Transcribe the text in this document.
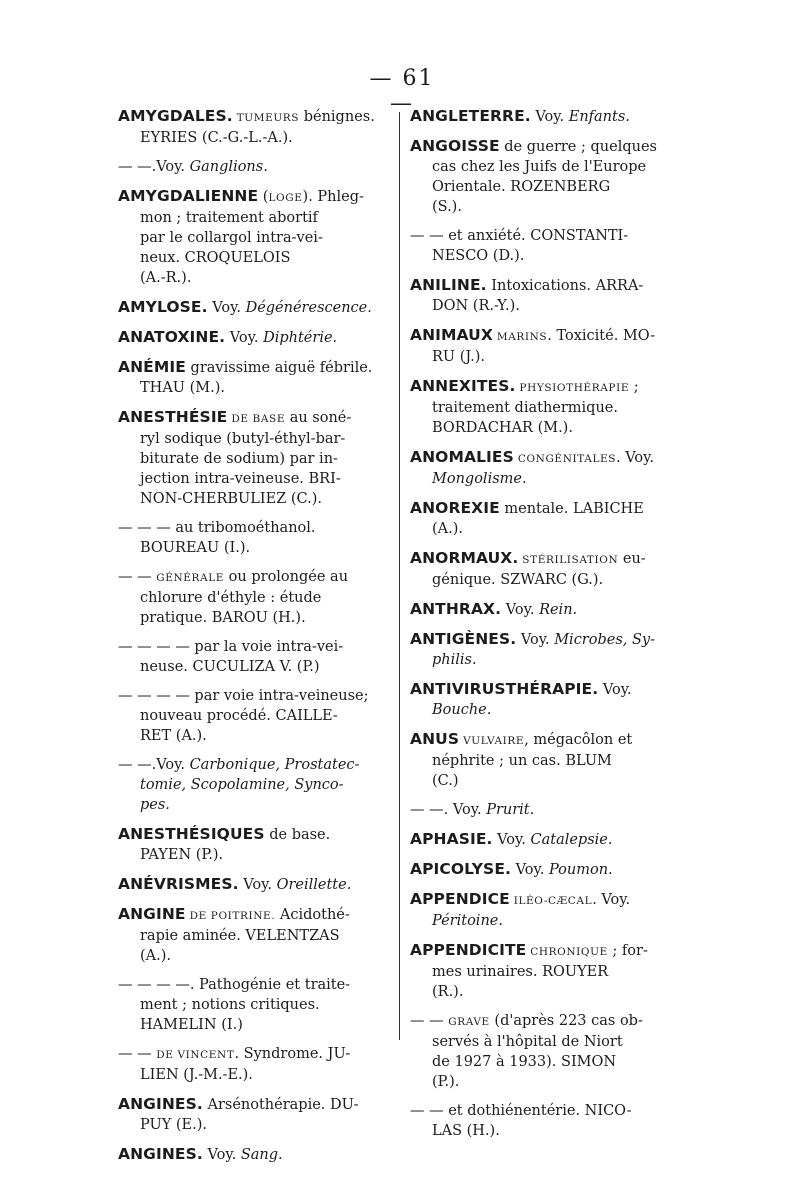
— 61 —
AMYGDALES. TUMEURS bénignes.
EYRIES (C.-G.-L.-A.).
— —.Voy. Ganglions.
AMYGDALIENNE (LOGE). Phleg-
mon ; traitement abortif
par le collargol intra-vei-
neux. CROQUELOIS
(A.-R.).
AMYLOSE. Voy. Dégénérescence.
ANATOXINE. Voy. Diphtérie.
ANÉMIE gravissime aiguë fébrile.
THAU (M.).
ANESTHÉSIE DE BASE au soné-
ryl sodique (butyl-éthyl-bar-
biturate de sodium) par in-
jection intra-veineuse. BRI-
NON-CHERBULIEZ (C.).
— — — au tribomoéthanol.
BOUREAU (I.).
— — GÉNÉRALE ou prolongée au
chlorure d'éthyle : étude
pratique. BAROU (H.).
— — — — par la voie intra-vei-
neuse. CUCULIZA V. (P.)
— — — — par voie intra-veineuse;
nouveau procédé. CAILLE-
RET (A.).
— —.Voy. Carbonique, Prostatec-
tomie, Scopolamine, Synco-
pes.
ANESTHÉSIQUES de base.
PAYEN (P.).
ANÉVRISMES. Voy. Oreillette.
ANGINE DE POITRINE. Acidothé-
rapie aminée. VELENTZAS
(A.).
— — — —. Pathogénie et traite-
ment ; notions critiques.
HAMELIN (I.)
— — DE VINCENT. Syndrome. JU-
LIEN (J.-M.-E.).
ANGINES. Arsénothérapie. DU-
PUY (E.).
ANGINES. Voy. Sang.
ANGLETERRE. Voy. Enfants.
ANGOISSE de guerre ; quelques
cas chez les Juifs de l'Europe
Orientale. ROZENBERG
(S.).
— — et anxiété. CONSTANTI-
NESCO (D.).
ANILINE. Intoxications. ARRA-
DON (R.-Y.).
ANIMAUX MARINS. Toxicité. MO-
RU (J.).
ANNEXITES. PHYSIOTHÉRAPIE ;
traitement diathermique.
BORDACHAR (M.).
ANOMALIES CONGÉNITALES. Voy.
Mongolisme.
ANOREXIE mentale. LABICHE
(A.).
ANORMAUX. STÉRILISATION eu-
génique. SZWARC (G.).
ANTHRAX. Voy. Rein.
ANTIGÈNES. Voy. Microbes, Sy-
philis.
ANTIVIRUSTHÉRAPIE. Voy.
Bouche.
ANUS VULVAIRE, mégacôlon et
néphrite ; un cas. BLUM
(C.)
— —. Voy. Prurit.
APHASIE. Voy. Catalepsie.
APICOLYSE. Voy. Poumon.
APPENDICE ILÉO-CÆCAL. Voy.
Péritoine.
APPENDICITE CHRONIQUE ; for-
mes urinaires. ROUYER
(R.).
— — GRAVE (d'après 223 cas ob-
servés à l'hôpital de Niort
de 1927 à 1933). SIMON
(P.).
— — et dothiénentérie. NICO-
LAS (H.).
